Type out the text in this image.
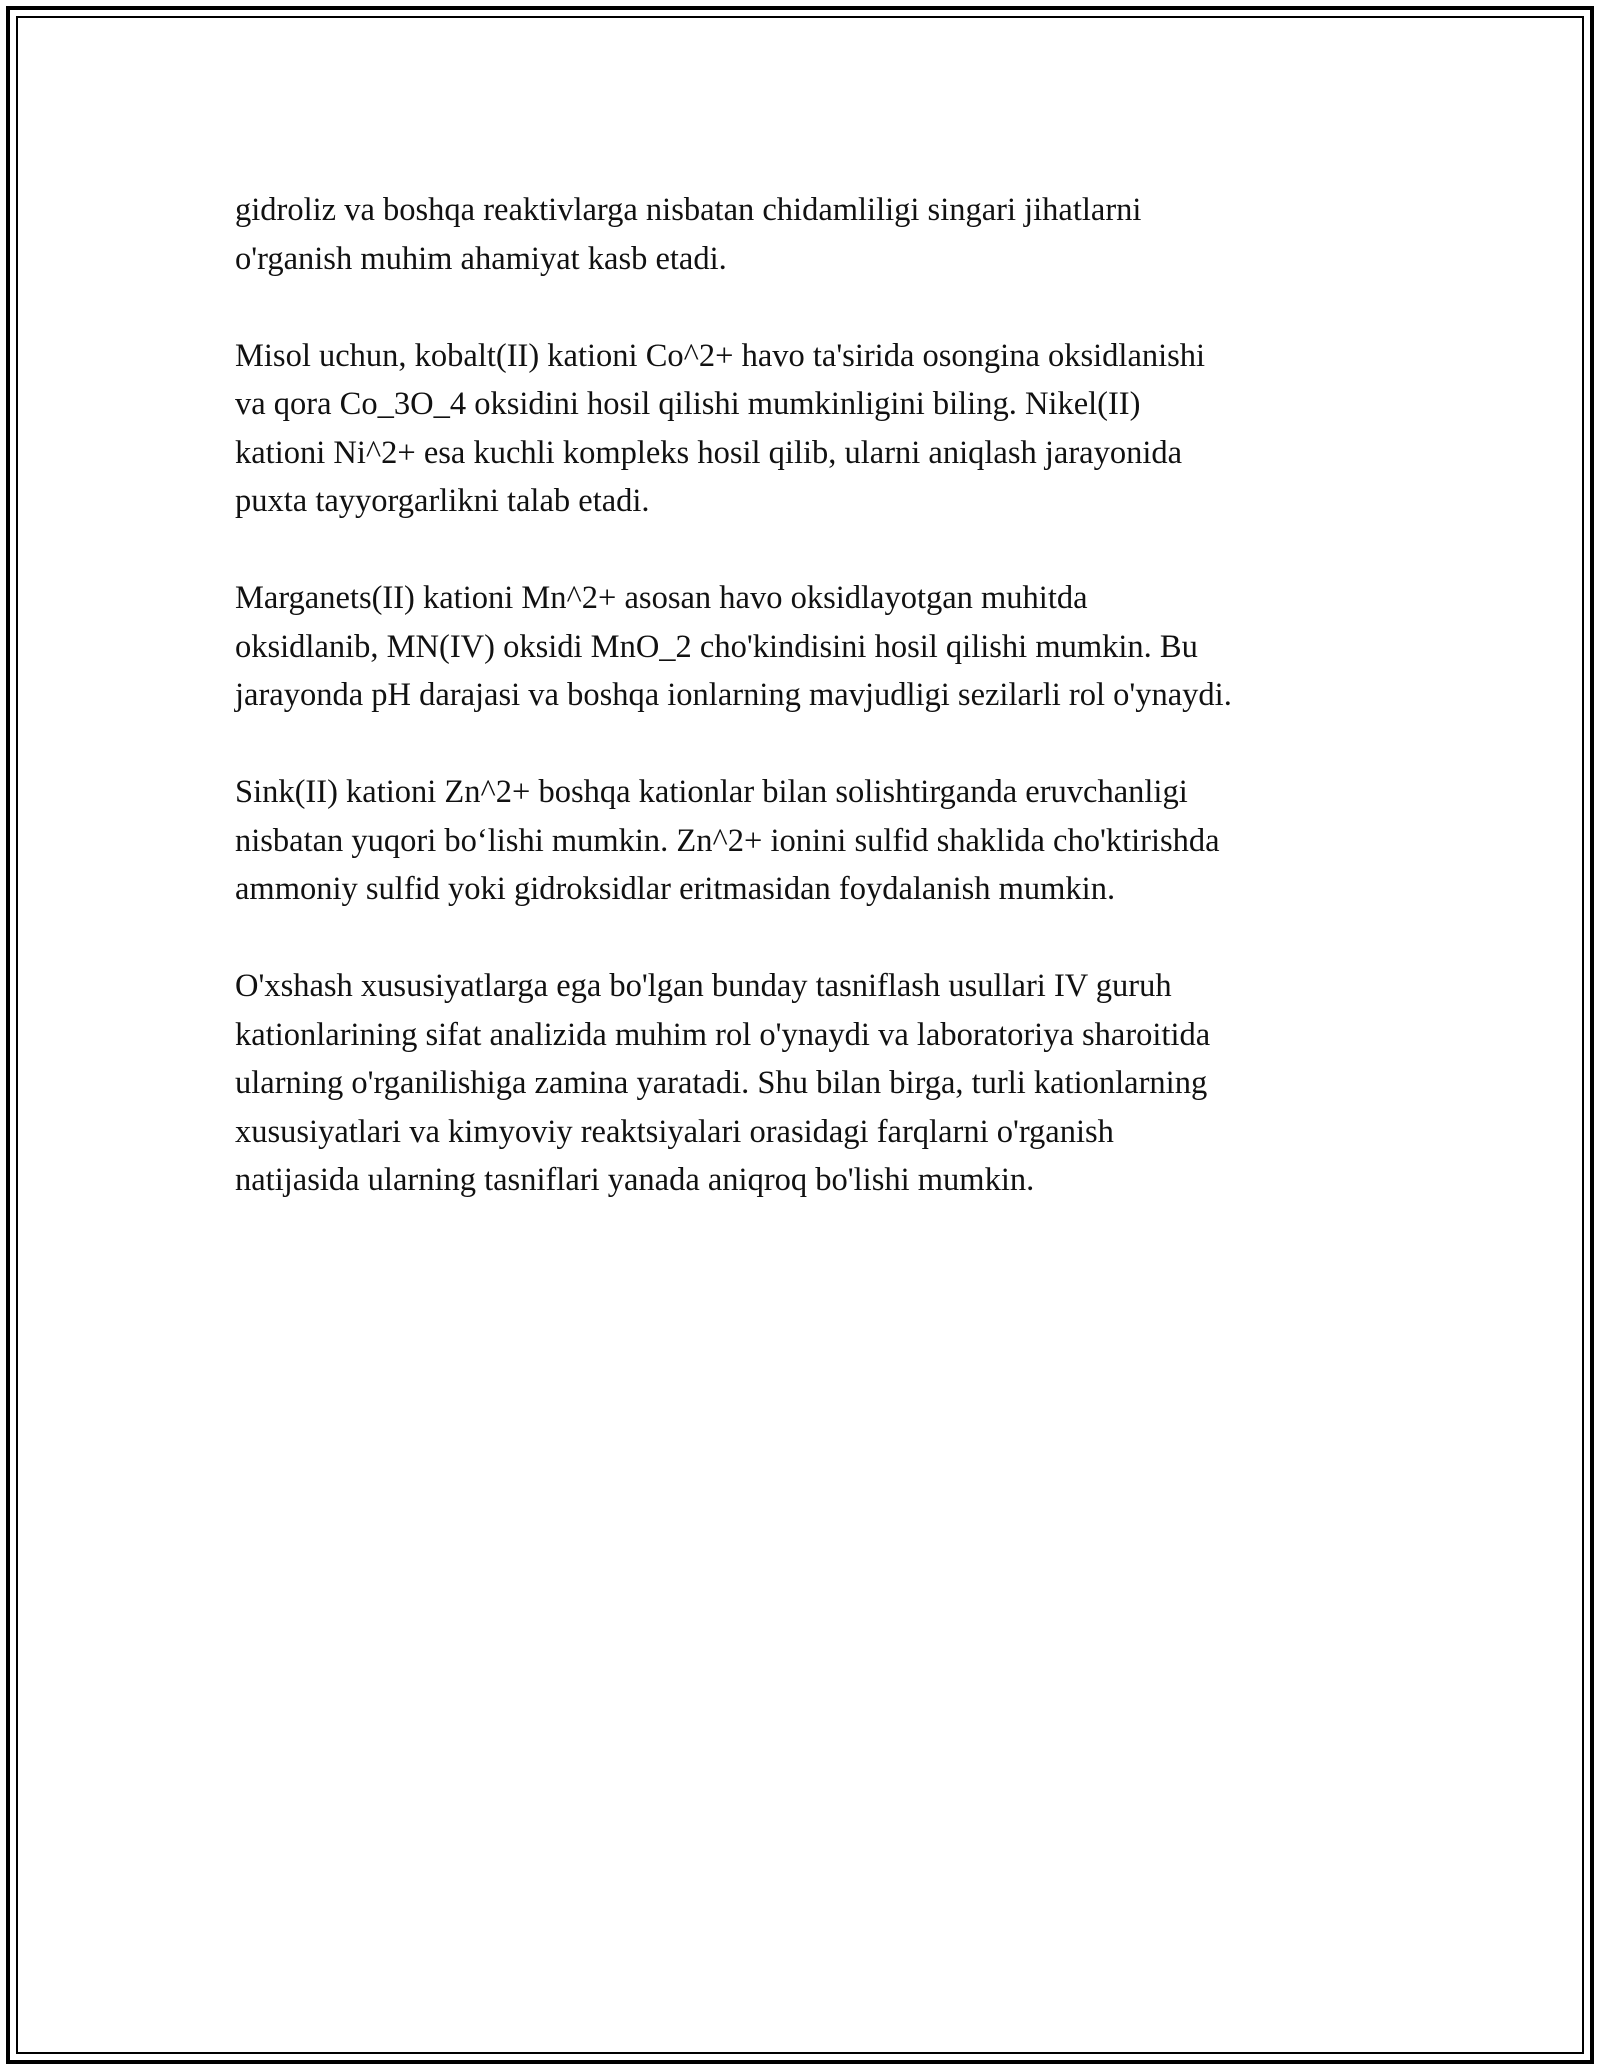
gidroliz va boshqa reaktivlarga nisbatan chidamliligi singari jihatlarni
o'rganish muhim ahamiyat kasb etadi.

Misol uchun, kobalt(II) kationi Co^2+ havo ta'sirida osongina oksidlanishi
va qora Co_3O_4 oksidini hosil qilishi mumkinligini biling. Nikel(II)
kationi Ni^2+ esa kuchli kompleks hosil qilib, ularni aniqlash jarayonida
puxta tayyorgarlikni talab etadi.

Marganets(II) kationi Mn^2+ asosan havo oksidlayotgan muhitda
oksidlanib, MN(IV) oksidi MnO_2 cho'kindisini hosil qilishi mumkin. Bu
jarayonda pH darajasi va boshqa ionlarning mavjudligi sezilarli rol o'ynaydi.

Sink(II) kationi Zn^2+ boshqa kationlar bilan solishtirganda eruvchanligi
nisbatan yuqori bo‘lishi mumkin. Zn^2+ ionini sulfid shaklida cho'ktirishda
ammoniy sulfid yoki gidroksidlar eritmasidan foydalanish mumkin.

O'xshash xususiyatlarga ega bo'lgan bunday tasniflash usullari IV guruh
kationlarining sifat analizida muhim rol o'ynaydi va laboratoriya sharoitida
ularning o'rganilishiga zamina yaratadi. Shu bilan birga, turli kationlarning
xususiyatlari va kimyoviy reaktsiyalari orasidagi farqlarni o'rganish
natijasida ularning tasniflari yanada aniqroq bo'lishi mumkin.
